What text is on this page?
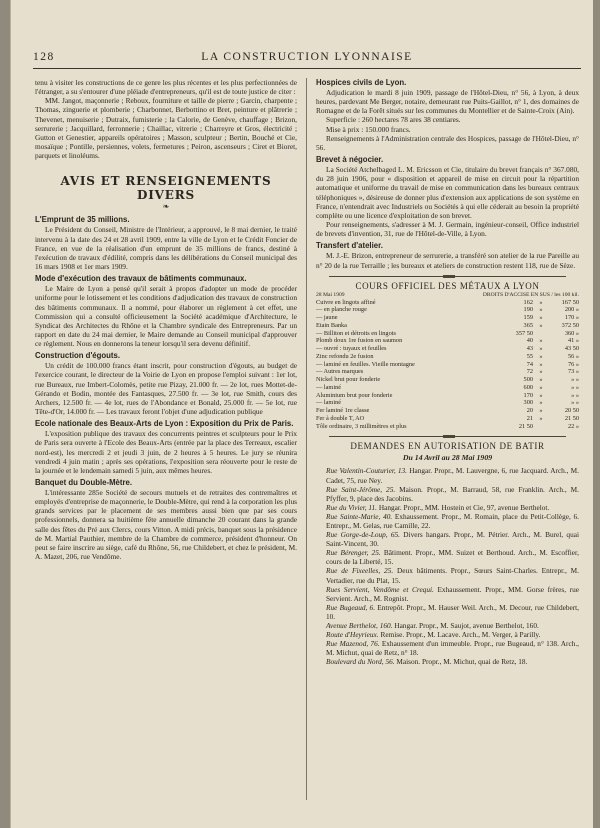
128	LA CONSTRUCTION LYONNAISE

tenu à visiter les constructions de ce genre les plus récentes et les plus perfectionnées de l'étranger, a su s'entourer d'une pléiade d'entrepreneurs, qu'il est de toute justice de citer :

MM. Jangot, maçonnerie ; Reboux, fourniture et taille de pierre ; Garcin, charpente ; Thomas, zinguerie et plomberie ; Charbonnet, Berbottino et Bret, peinture et plâtrerie ; Thevenet, menuiserie ; Dutraix, fumisterie ; la Calorie, de Genève, chauffage ; Brizon, serrurerie ; Jacquillard, ferronnerie ; Chaillac, vitrerie ; Charreyre et Gros, électricité ; Gutton et Genestier, appareils opératoires ; Masson, sculpteur ; Bertin, Bouché et Cie, mosaïque ; Pontille, persiennes, volets, fermetures ; Peiron, ascenseurs ; Ciret et Bioret, parquets et linoléums.

AVIS ET RENSEIGNEMENTS DIVERS
❧
L'Emprunt de 35 millions.

Le Président du Conseil, Ministre de l'Intérieur, a approuvé, le 8 mai dernier, le traité intervenu à la date des 24 et 28 avril 1909, entre la ville de Lyon et le Crédit Foncier de France, en vue de la réalisation d'un emprunt de 35 millions de francs, destiné à l'exécution de travaux d'édilité, compris dans les délibérations du Conseil municipal des 16 mars 1908 et 1er mars 1909.

Mode d'exécution des travaux de bâtiments communaux.

Le Maire de Lyon a pensé qu'il serait à propos d'adopter un mode de procéder uniforme pour le lotissement et les conditions d'adjudication des travaux de construction des bâtiments communaux. Il a nommé, pour élaborer un règlement à cet effet, une Commission qui a consulté officieusement la Société académique d'Architecture, le Syndicat des Architectes du Rhône et la Chambre syndicale des Entrepreneurs. Par un rapport en date du 24 mai dernier, le Maire demande au Conseil municipal d'approuver ce règlement. Nous en donnerons la teneur lorsqu'il sera devenu définitif.

Construction d'égouts.

Un crédit de 100.000 francs étant inscrit, pour construction d'égouts, au budget de l'exercice courant, le directeur de la Voirie de Lyon en propose l'emploi suivant : 1er lot, rue Bureaux, rue Imbert-Colomès, petite rue Pizay, 21.000 fr. — 2e lot, rues Mottet-de-Gérando et Bodin, montée des Fantasques, 27.500 fr. — 3e lot, rue Smith, cours des Archers, 12.500 fr. — 4e lot, rues de l'Abondance et Bonald, 25.000 fr. — 5e lot, rue Tête-d'Or, 14.000 fr. — Les travaux feront l'objet d'une adjudication publique

Ecole nationale des Beaux-Arts de Lyon : Exposition du Prix de Paris.

L'exposition publique des travaux des concurrents peintres et sculpteurs pour le Prix de Paris sera ouverte à l'Ecole des Beaux-Arts (entrée par la place des Terreaux, escalier nord-est), les mercredi 2 et jeudi 3 juin, de 2 heures à 5 heures. Le jury se réunira vendredi 4 juin matin ; après ses opérations, l'exposition sera réouverte pour le reste de la journée et le lendemain samedi 5 juin, aux mêmes heures.

Banquet du Double-Mètre.

L'intéressante 285e Société de secours mutuels et de retraites des contremaîtres et employés d'entreprise de maçonnerie, le Double-Mètre, qui rend à la corporation les plus grands services par le placement de ses membres aussi bien que par ses cours professionnels, donnera sa huitième fête annuelle dimanche 20 courant dans la grande salle des fêtes du Pré aux Clercs, cours Vitton. A midi précis, banquet sous la présidence de M. Martial Pauthier, membre de la Chambre de commerce, président d'honneur. On peut se faire inscrire au siège, café du Rhône, 56, rue Childebert, et chez le président, M. A. Mazet, 206, rue Vendôme.

Hospices civils de Lyon.

Adjudication le mardi 8 juin 1909, passage de l'Hôtel-Dieu, n° 56, à Lyon, à deux heures, pardevant Me Berger, notaire, demeurant rue Puits-Gaillot, n° 1, des domaines de Romagne et de la Forêt situés sur les communes du Montellier et de Sainte-Croix (Ain).

Superficie : 260 hectares 78 ares 38 centiares.

Mise à prix : 150.000 francs.

Renseignements à l'Administration centrale des Hospices, passage de l'Hôtel-Dieu, n° 56.

Brevet à négocier.

La Société Atchelbaged L. M. Ericsson et Cie, titulaire du brevet français n° 367.080, du 28 juin 1906, pour « disposition et appareil de mise en circuit pour la répartition automatique et uniforme du travail de mise en communication dans les bureaux centraux téléphoniques », désireuse de donner plus d'extension aux applications de son système en France, n'entendrait avec Industriels ou Sociétés à qui elle céderait au besoin la propriété complète ou une licence d'exploitation de son brevet.

Pour renseignements, s'adresser à M. J. Germain, ingénieur-conseil, Office industriel de brevets d'invention, 31, rue de l'Hôtel-de-Ville, à Lyon.

Transfert d'atelier.

M. J.-E. Brizon, entrepreneur de serrurerie, a transféré son atelier de la rue Pareille au n° 20 de la rue Terraille ; les bureaux et ateliers de construction restent 118, rue de Sèze.

COURS OFFICIEL DES MÉTAUX A LYON
28 Mai 1909	DROITS D'ACCISE EN SUS / les 100 kil.
Cuivre en lingots affiné	162	»	167 50
— en planche rouge	190	»	200 »
— jaune	159	»	170 »
Etain Banka	365	»	372 50
— Billiton et détroits en lingots	357 50	360 »
Plomb doux 1re fusion en saumon	40	»	41 »
— ouvré : tuyaux et feuilles	43	»	43 50
Zinc refondu 2e fusion	55	»	56 »
— laminé en feuilles. Vieille montagne	74	»	76 »
— Autres marques	72	»	73 »
Nickel brut pour fonderie	500	»	» »
— laminé	600	»	» »
Aluminium brut pour fonderie	170	»	» »
— laminé	300	»	» »
Fer laminé 1re classe	20	»	20 50
Fer à double T, AO	21	»	21 50
Tôle ordinaire, 3 millimètres et plus	21 50	22 »
DEMANDES EN AUTORISATION DE BATIR
Du 14 Avril au 28 Mai 1909

Rue Valentin-Couturier, 13. Hangar. Propr., M. Lauvergne, 6, rue Jacquard. Arch., M. Cadet, 75, rue Ney.

Rue Saint-Jérôme, 25. Maison. Propr., M. Barraud, 58, rue Franklin. Arch., M. Pfyffer, 9, place des Jacobins.

Rue du Vivier, 11. Hangar. Propr., MM. Hostein et Cie, 97, avenue Berthelot.

Rue Sainte-Marie, 40. Exhaussement. Propr., M. Romain, place du Petit-Collège, 6. Entrepr., M. Gelas, rue Camille, 22.

Rue Gorge-de-Loup, 65. Divers hangars. Propr., M. Pétrier. Arch., M. Burel, quai Saint-Vincent, 30.

Rue Bérenger, 25. Bâtiment. Propr., MM. Suizet et Berthoud. Arch., M. Escoffier, cours de la Liberté, 15.

Rue de Fixeelles, 25. Deux bâtiments. Propr., Sœurs Saint-Charles. Entrepr., M. Vertadier, rue du Plat, 15.

Rues Servient, Vendôme et Crequi. Exhaussement. Propr., MM. Gorse frères, rue Servient. Arch., M. Rognist.

Rue Bugeaud, 6. Entrepôt. Propr., M. Hauser Weil. Arch., M. Decour, rue Childebert, 10.

Avenue Berthelot, 160. Hangar. Propr., M. Saujot, avenue Berthelot, 160.

Route d'Heyrieux. Remise. Propr., M. Lacave. Arch., M. Verger, à Parilly.

Rue Mazenod, 76. Exhaussement d'un immeuble. Propr., rue Bugeaud, n° 138. Arch., M. Michut, quai de Retz, n° 18.

Boulevard du Nord, 56. Maison. Propr., M. Michut, quai de Retz, 18.
